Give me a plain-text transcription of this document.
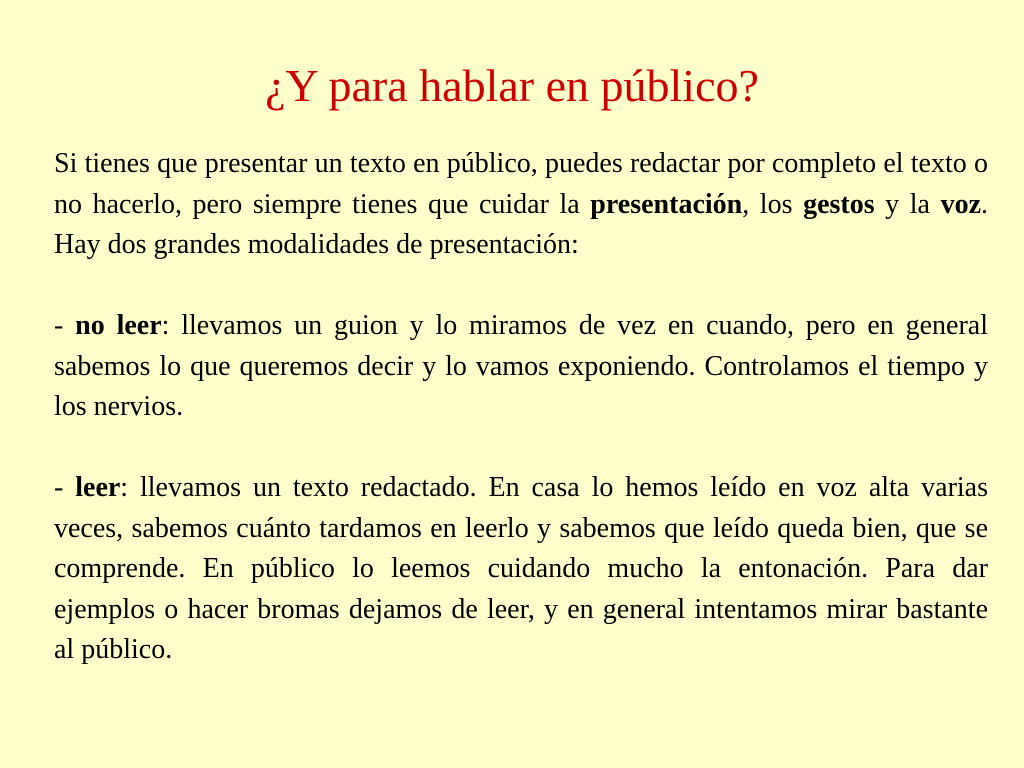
¿Y para hablar en público?

Si tienes que presentar un texto en público, puedes redactar por completo el texto o no hacerlo, pero siempre tienes que cuidar la presentación, los gestos y la voz. Hay dos grandes modalidades de presentación:

- no leer: llevamos un guion y lo miramos de vez en cuando, pero en general sabemos lo que queremos decir y lo vamos exponiendo. Controlamos el tiempo y los nervios.

- leer: llevamos un texto redactado. En casa lo hemos leído en voz alta varias veces, sabemos cuánto tardamos en leerlo y sabemos que leído queda bien, que se comprende. En público lo leemos cuidando mucho la entonación. Para dar ejemplos o hacer bromas dejamos de leer, y en general intentamos mirar bastante al público.
